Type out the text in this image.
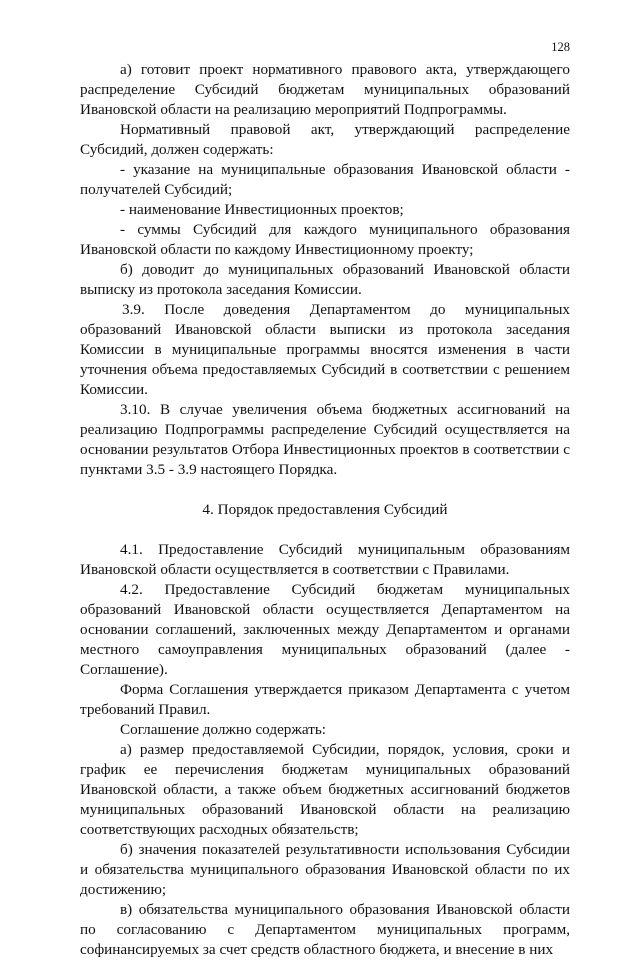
128

а) готовит проект нормативного правового акта, утверждающего распределение Субсидий бюджетам муниципальных образований Ивановской области на реализацию мероприятий Подпрограммы.

Нормативный правовой акт, утверждающий распределение Субсидий, должен содержать:

- указание на муниципальные образования Ивановской области - получателей Субсидий;

- наименование Инвестиционных проектов;

- суммы Субсидий для каждого муниципального образования Ивановской области по каждому Инвестиционному проекту;

б) доводит до муниципальных образований Ивановской области выписку из протокола заседания Комиссии.

3.9. После доведения Департаментом до муниципальных образований Ивановской области выписки из протокола заседания Комиссии в муниципальные программы вносятся изменения в части уточнения объема предоставляемых Субсидий в соответствии с решением Комиссии.

3.10. В случае увеличения объема бюджетных ассигнований на реализацию Подпрограммы распределение Субсидий осуществляется на основании результатов Отбора Инвестиционных проектов в соответствии с пунктами 3.5 - 3.9 настоящего Порядка.

4. Порядок предоставления Субсидий

4.1. Предоставление Субсидий муниципальным образованиям Ивановской области осуществляется в соответствии с Правилами.

4.2. Предоставление Субсидий бюджетам муниципальных образований Ивановской области осуществляется Департаментом на основании соглашений, заключенных между Департаментом и органами местного самоуправления муниципальных образований (далее - Соглашение).

Форма Соглашения утверждается приказом Департамента с учетом требований Правил.

Соглашение должно содержать:

а) размер предоставляемой Субсидии, порядок, условия, сроки и график ее перечисления бюджетам муниципальных образований Ивановской области, а также объем бюджетных ассигнований бюджетов муниципальных образований Ивановской области на реализацию соответствующих расходных обязательств;

б) значения показателей результативности использования Субсидии и обязательства муниципального образования Ивановской области по их достижению;

в) обязательства муниципального образования Ивановской области по согласованию с Департаментом муниципальных программ, софинансируемых за счет средств областного бюджета, и внесение в них
